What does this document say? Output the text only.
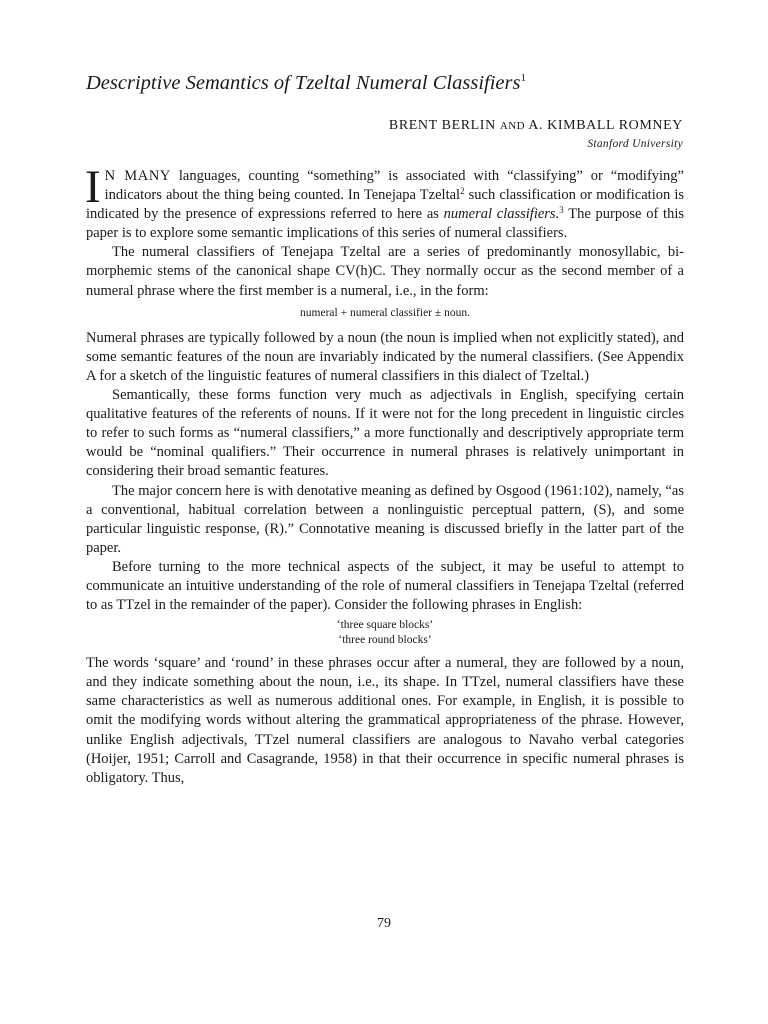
Descriptive Semantics of Tzeltal Numeral Classifiers$^1$
BRENT BERLIN AND A. KIMBALL ROMNEY
Stanford University

I N MANY languages, counting “something” is associated with “classifying” or “modifying” indicators about the thing being counted. In Tenejapa Tzeltal$^2$ such classification or modification is indicated by the presence of expressions referred to here as numeral classifiers.$^3$ The purpose of this paper is to explore some semantic implications of this series of numeral classifiers.

The numeral classifiers of Tenejapa Tzeltal are a series of predominantly monosyllabic, bi-morphemic stems of the canonical shape CV(h)C. They normally occur as the second member of a numeral phrase where the first member is a numeral, i.e., in the form:

numeral + numeral classifier ± noun.

Numeral phrases are typically followed by a noun (the noun is implied when not explicitly stated), and some semantic features of the noun are invariably indicated by the numeral classifiers. (See Appendix A for a sketch of the linguistic features of numeral classifiers in this dialect of Tzeltal.)

Semantically, these forms function very much as adjectivals in English, specifying certain qualitative features of the referents of nouns. If it were not for the long precedent in linguistic circles to refer to such forms as “numeral classifiers,” a more functionally and descriptively appropriate term would be “nominal qualifiers.” Their occurrence in numeral phrases is relatively unimportant in considering their broad semantic features.

The major concern here is with denotative meaning as defined by Osgood (1961:102), namely, “as a conventional, habitual correlation between a nonlinguistic perceptual pattern, (S), and some particular linguistic response, (R).” Connotative meaning is discussed briefly in the latter part of the paper.

Before turning to the more technical aspects of the subject, it may be useful to attempt to communicate an intuitive understanding of the role of numeral classifiers in Tenejapa Tzeltal (referred to as TTzel in the remainder of the paper). Consider the following phrases in English:

‘three square blocks’
‘three round blocks’

The words ‘square’ and ‘round’ in these phrases occur after a numeral, they are followed by a noun, and they indicate something about the noun, i.e., its shape. In TTzel, numeral classifiers have these same characteristics as well as numerous additional ones. For example, in English, it is possible to omit the modifying words without altering the grammatical appropriateness of the phrase. However, unlike English adjectivals, TTzel numeral classifiers are analogous to Navaho verbal categories (Hoijer, 1951; Carroll and Casagrande, 1958) in that their occurrence in specific numeral phrases is obligatory. Thus,

79
